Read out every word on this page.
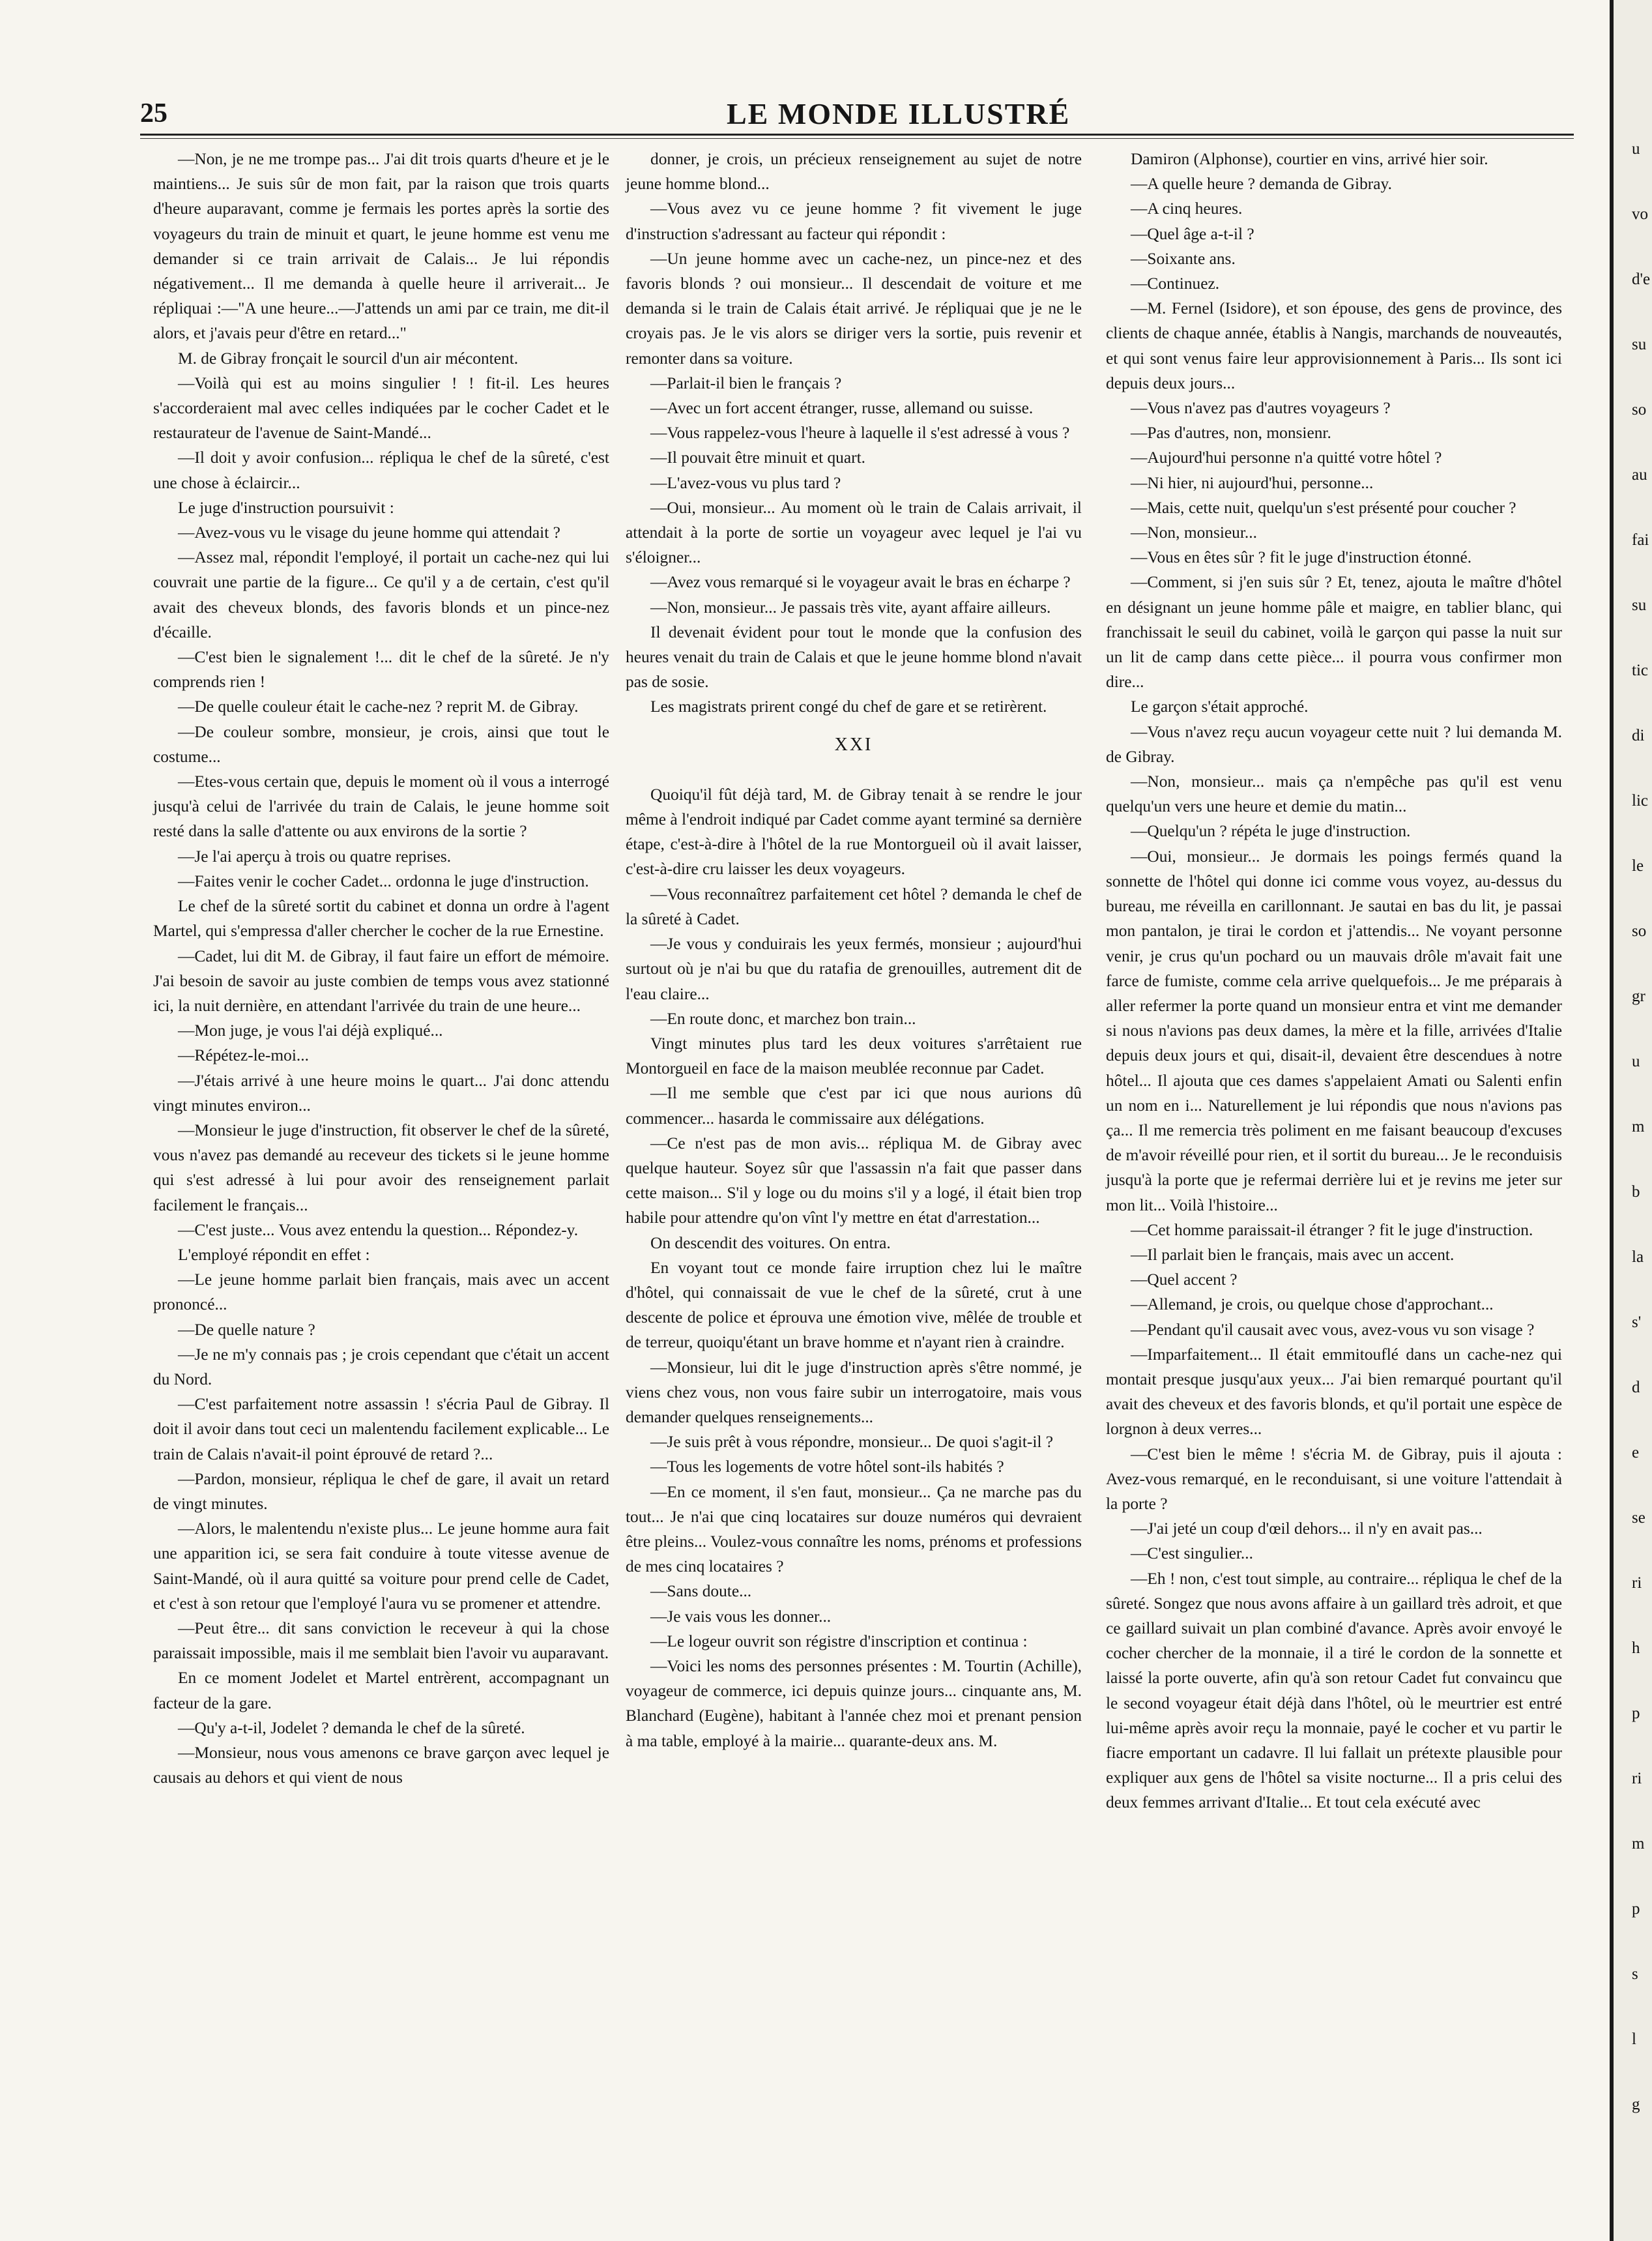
25	LE MONDE ILLUSTRÉ

—Non, je ne me trompe pas... J'ai dit trois quarts d'heure et je le maintiens... Je suis sûr de mon fait, par la raison que trois quarts d'heure auparavant, comme je fermais les portes après la sortie des voyageurs du train de minuit et quart, le jeune homme est venu me demander si ce train arrivait de Calais... Je lui répondis négativement... Il me demanda à quelle heure il arriverait... Je répliquai :—"A une heure...—J'attends un ami par ce train, me dit-il alors, et j'avais peur d'être en retard..."

M. de Gibray fronçait le sourcil d'un air mécontent.

—Voilà qui est au moins singulier ! ! fit-il. Les heures s'accorderaient mal avec celles indiquées par le cocher Cadet et le restaurateur de l'avenue de Saint-Mandé...

—Il doit y avoir confusion... répliqua le chef de la sûreté, c'est une chose à éclaircir...

Le juge d'instruction poursuivit :

—Avez-vous vu le visage du jeune homme qui attendait ?

—Assez mal, répondit l'employé, il portait un cache-nez qui lui couvrait une partie de la figure... Ce qu'il y a de certain, c'est qu'il avait des cheveux blonds, des favoris blonds et un pince-nez d'écaille.

—C'est bien le signalement !... dit le chef de la sûreté. Je n'y comprends rien !

—De quelle couleur était le cache-nez ? reprit M. de Gibray.

—De couleur sombre, monsieur, je crois, ainsi que tout le costume...

—Etes-vous certain que, depuis le moment où il vous a interrogé jusqu'à celui de l'arrivée du train de Calais, le jeune homme soit resté dans la salle d'attente ou aux environs de la sortie ?

—Je l'ai aperçu à trois ou quatre reprises.

—Faites venir le cocher Cadet... ordonna le juge d'instruction.

Le chef de la sûreté sortit du cabinet et donna un ordre à l'agent Martel, qui s'empressa d'aller chercher le cocher de la rue Ernestine.

—Cadet, lui dit M. de Gibray, il faut faire un effort de mémoire. J'ai besoin de savoir au juste combien de temps vous avez stationné ici, la nuit dernière, en attendant l'arrivée du train de une heure...

—Mon juge, je vous l'ai déjà expliqué...

—Répétez-le-moi...

—J'étais arrivé à une heure moins le quart... J'ai donc attendu vingt minutes environ...

—Monsieur le juge d'instruction, fit observer le chef de la sûreté, vous n'avez pas demandé au receveur des tickets si le jeune homme qui s'est adressé à lui pour avoir des renseignement parlait facilement le français...

—C'est juste... Vous avez entendu la question... Répondez-y.

L'employé répondit en effet :

—Le jeune homme parlait bien français, mais avec un accent prononcé...

—De quelle nature ?

—Je ne m'y connais pas ; je crois cependant que c'était un accent du Nord.

—C'est parfaitement notre assassin ! s'écria Paul de Gibray. Il doit il avoir dans tout ceci un malentendu facilement explicable... Le train de Calais n'avait-il point éprouvé de retard ?...

—Pardon, monsieur, répliqua le chef de gare, il avait un retard de vingt minutes.

—Alors, le malentendu n'existe plus... Le jeune homme aura fait une apparition ici, se sera fait conduire à toute vitesse avenue de Saint-Mandé, où il aura quitté sa voiture pour prend celle de Cadet, et c'est à son retour que l'employé l'aura vu se promener et attendre.

—Peut être... dit sans conviction le receveur à qui la chose paraissait impossible, mais il me semblait bien l'avoir vu auparavant.

En ce moment Jodelet et Martel entrèrent, accompagnant un facteur de la gare.

—Qu'y a-t-il, Jodelet ? demanda le chef de la sûreté.

—Monsieur, nous vous amenons ce brave garçon avec lequel je causais au dehors et qui vient de nous

donner, je crois, un précieux renseignement au sujet de notre jeune homme blond...

—Vous avez vu ce jeune homme ? fit vivement le juge d'instruction s'adressant au facteur qui répondit :

—Un jeune homme avec un cache-nez, un pince-nez et des favoris blonds ? oui monsieur... Il descendait de voiture et me demanda si le train de Calais était arrivé. Je répliquai que je ne le croyais pas. Je le vis alors se diriger vers la sortie, puis revenir et remonter dans sa voiture.

—Parlait-il bien le français ?

—Avec un fort accent étranger, russe, allemand ou suisse.

—Vous rappelez-vous l'heure à laquelle il s'est adressé à vous ?

—Il pouvait être minuit et quart.

—L'avez-vous vu plus tard ?

—Oui, monsieur... Au moment où le train de Calais arrivait, il attendait à la porte de sortie un voyageur avec lequel je l'ai vu s'éloigner...

—Avez vous remarqué si le voyageur avait le bras en écharpe ?

—Non, monsieur... Je passais très vite, ayant affaire ailleurs.

Il devenait évident pour tout le monde que la confusion des heures venait du train de Calais et que le jeune homme blond n'avait pas de sosie.

Les magistrats prirent congé du chef de gare et se retirèrent.

XXI

Quoiqu'il fût déjà tard, M. de Gibray tenait à se rendre le jour même à l'endroit indiqué par Cadet comme ayant terminé sa dernière étape, c'est-à-dire à l'hôtel de la rue Montorgueil où il avait laisser, c'est-à-dire cru laisser les deux voyageurs.

—Vous reconnaîtrez parfaitement cet hôtel ? demanda le chef de la sûreté à Cadet.

—Je vous y conduirais les yeux fermés, monsieur ; aujourd'hui surtout où je n'ai bu que du ratafia de grenouilles, autrement dit de l'eau claire...

—En route donc, et marchez bon train...

Vingt minutes plus tard les deux voitures s'arrêtaient rue Montorgueil en face de la maison meublée reconnue par Cadet.

—Il me semble que c'est par ici que nous aurions dû commencer... hasarda le commissaire aux délégations.

—Ce n'est pas de mon avis... répliqua M. de Gibray avec quelque hauteur. Soyez sûr que l'assassin n'a fait que passer dans cette maison... S'il y loge ou du moins s'il y a logé, il était bien trop habile pour attendre qu'on vînt l'y mettre en état d'arrestation...

On descendit des voitures. On entra.

En voyant tout ce monde faire irruption chez lui le maître d'hôtel, qui connaissait de vue le chef de la sûreté, crut à une descente de police et éprouva une émotion vive, mêlée de trouble et de terreur, quoiqu'étant un brave homme et n'ayant rien à craindre.

—Monsieur, lui dit le juge d'instruction après s'être nommé, je viens chez vous, non vous faire subir un interrogatoire, mais vous demander quelques renseignements...

—Je suis prêt à vous répondre, monsieur... De quoi s'agit-il ?

—Tous les logements de votre hôtel sont-ils habités ?

—En ce moment, il s'en faut, monsieur... Ça ne marche pas du tout... Je n'ai que cinq locataires sur douze numéros qui devraient être pleins... Voulez-vous connaître les noms, prénoms et professions de mes cinq locataires ?

—Sans doute...

—Je vais vous les donner...

—Le logeur ouvrit son régistre d'inscription et continua :

—Voici les noms des personnes présentes : M. Tourtin (Achille), voyageur de commerce, ici depuis quinze jours... cinquante ans, M. Blanchard (Eugène), habitant à l'année chez moi et prenant pension à ma table, employé à la mairie... quarante-deux ans. M.

Damiron (Alphonse), courtier en vins, arrivé hier soir.

—A quelle heure ? demanda de Gibray.

—A cinq heures.

—Quel âge a-t-il ?

—Soixante ans.

—Continuez.

—M. Fernel (Isidore), et son épouse, des gens de province, des clients de chaque année, établis à Nangis, marchands de nouveautés, et qui sont venus faire leur approvisionnement à Paris... Ils sont ici depuis deux jours...

—Vous n'avez pas d'autres voyageurs ?

—Pas d'autres, non, monsienr.

—Aujourd'hui personne n'a quitté votre hôtel ?

—Ni hier, ni aujourd'hui, personne...

—Mais, cette nuit, quelqu'un s'est présenté pour coucher ?

—Non, monsieur...

—Vous en êtes sûr ? fit le juge d'instruction étonné.

—Comment, si j'en suis sûr ? Et, tenez, ajouta le maître d'hôtel en désignant un jeune homme pâle et maigre, en tablier blanc, qui franchissait le seuil du cabinet, voilà le garçon qui passe la nuit sur un lit de camp dans cette pièce... il pourra vous confirmer mon dire...

Le garçon s'était approché.

—Vous n'avez reçu aucun voyageur cette nuit ? lui demanda M. de Gibray.

—Non, monsieur... mais ça n'empêche pas qu'il est venu quelqu'un vers une heure et demie du matin...

—Quelqu'un ? répéta le juge d'instruction.

—Oui, monsieur... Je dormais les poings fermés quand la sonnette de l'hôtel qui donne ici comme vous voyez, au-dessus du bureau, me réveilla en carillonnant. Je sautai en bas du lit, je passai mon pantalon, je tirai le cordon et j'attendis... Ne voyant personne venir, je crus qu'un pochard ou un mauvais drôle m'avait fait une farce de fumiste, comme cela arrive quelquefois... Je me préparais à aller refermer la porte quand un monsieur entra et vint me demander si nous n'avions pas deux dames, la mère et la fille, arrivées d'Italie depuis deux jours et qui, disait-il, devaient être descendues à notre hôtel... Il ajouta que ces dames s'appelaient Amati ou Salenti enfin un nom en i... Naturellement je lui répondis que nous n'avions pas ça... Il me remercia très poliment en me faisant beaucoup d'excuses de m'avoir réveillé pour rien, et il sortit du bureau... Je le reconduisis jusqu'à la porte que je refermai derrière lui et je revins me jeter sur mon lit... Voilà l'histoire...

—Cet homme paraissait-il étranger ? fit le juge d'instruction.

—Il parlait bien le français, mais avec un accent.

—Quel accent ?

—Allemand, je crois, ou quelque chose d'approchant...

—Pendant qu'il causait avec vous, avez-vous vu son visage ?

—Imparfaitement... Il était emmitouflé dans un cache-nez qui montait presque jusqu'aux yeux... J'ai bien remarqué pourtant qu'il avait des cheveux et des favoris blonds, et qu'il portait une espèce de lorgnon à deux verres...

—C'est bien le même ! s'écria M. de Gibray, puis il ajouta : Avez-vous remarqué, en le reconduisant, si une voiture l'attendait à la porte ?

—J'ai jeté un coup d'œil dehors... il n'y en avait pas...

—C'est singulier...

—Eh ! non, c'est tout simple, au contraire... répliqua le chef de la sûreté. Songez que nous avons affaire à un gaillard très adroit, et que ce gaillard suivait un plan combiné d'avance. Après avoir envoyé le cocher chercher de la monnaie, il a tiré le cordon de la sonnette et laissé la porte ouverte, afin qu'à son retour Cadet fut convaincu que le second voyageur était déjà dans l'hôtel, où le meurtrier est entré lui-même après avoir reçu la monnaie, payé le cocher et vu partir le fiacre emportant un cadavre. Il lui fallait un prétexte plausible pour expliquer aux gens de l'hôtel sa visite nocturne... Il a pris celui des deux femmes arrivant d'Italie... Et tout cela exécuté avec

u
vo
d'e
su
so
au
fai
su
tic
di
lic
le
so
gr
u
m
b
la
s'
d
e
se
ri
h
p
ri
m
p
s
l
g
